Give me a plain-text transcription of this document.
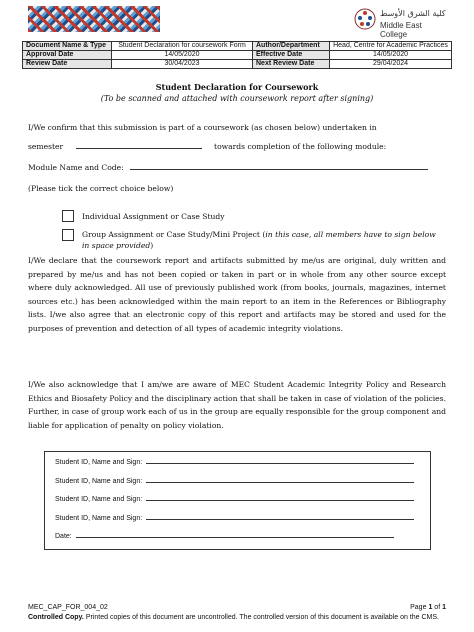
كلية الشرق الأوسط
Middle East College
Document Name & Type	Student Declaration for coursework Form	Author/Department	Head, Centre for Academic Practices
Approval Date	14/05/2020	Effective Date	14/05/2020
Review Date	30/04/2023	Next Review Date	29/04/2024
Student Declaration for Coursework
(To be scanned and attached with coursework report after signing)
I/We confirm that this submission is part of a coursework (as chosen below) undertaken in
semester	towards completion of the following module:
Module Name and Code:
(Please tick the correct choice below)
Individual Assignment or Case Study
Group Assignment or Case Study/Mini Project (in this case, all members have to sign below in space provided)
I/We declare that the coursework report and artifacts submitted by me/us are original, duly written and prepared by me/us and has not been copied or taken in part or in whole from any other source except where duly acknowledged. All use of previously published work (from books, journals, magazines, internet sources etc.) has been acknowledged within the main report to an item in the References or Bibliography lists. I/we also agree that an electronic copy of this report and artifacts may be stored and used for the purposes of prevention and detection of all types of academic integrity violations.
I/We also acknowledge that I am/we are aware of MEC Student Academic Integrity Policy and Research Ethics and Biosafety Policy and the disciplinary action that shall be taken in case of violation of the policies. Further, in case of group work each of us in the group are equally responsible for the group component and liable for application of penalty on policy violation.
Student ID, Name and Sign:
Student ID, Name and Sign:
Student ID, Name and Sign:
Student ID, Name and Sign:
Date:
MEC_CAP_FOR_004_02	Page 1 of 1
Controlled Copy. Printed copies of this document are uncontrolled. The controlled version of this document is available on the CMS.
